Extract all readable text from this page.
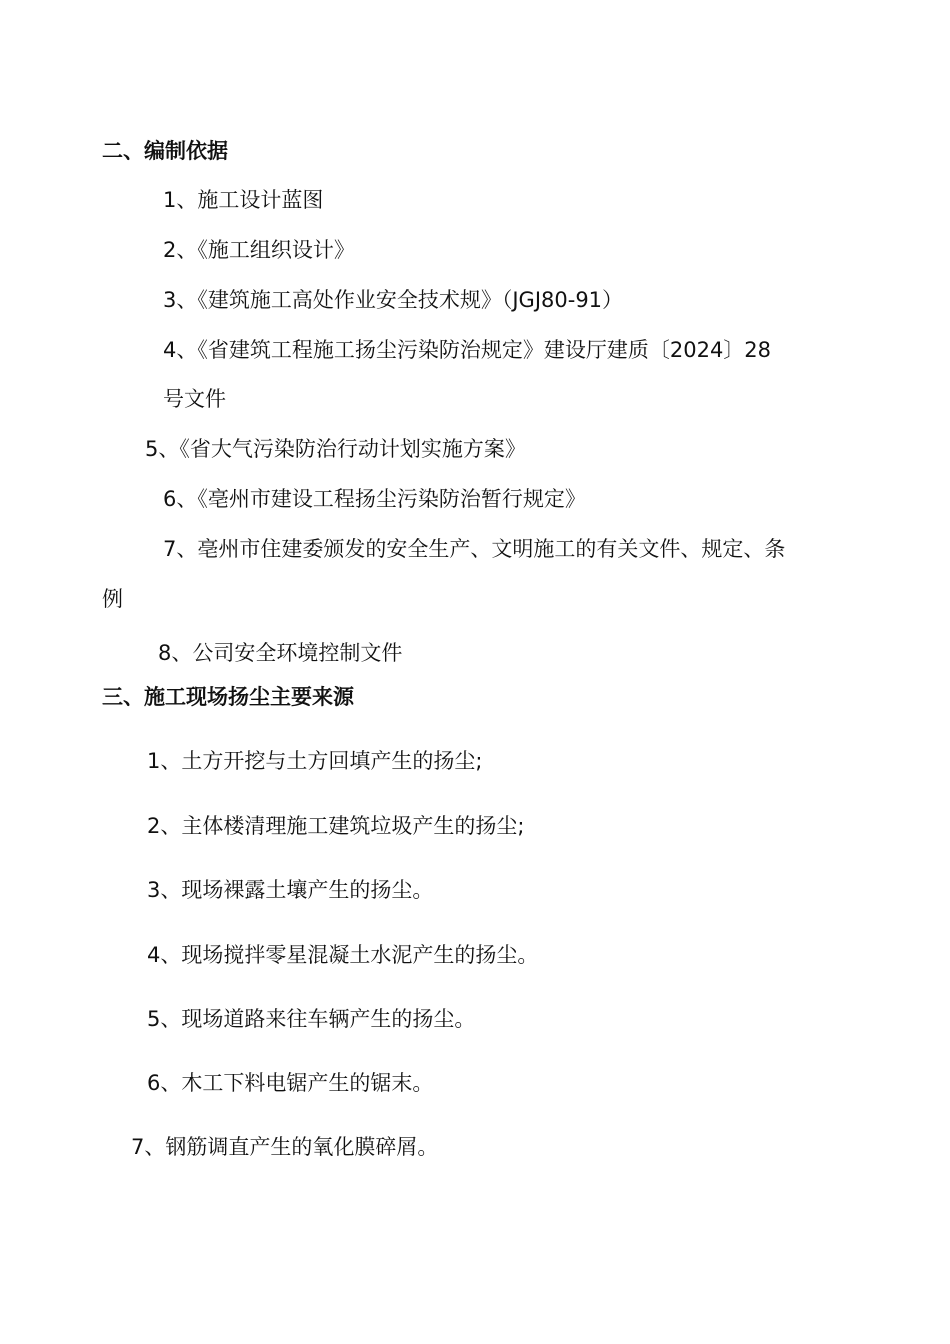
二、编制依据
1、施工设计蓝图
2、《施工组织设计》
3、《建筑施工高处作业安全技术规》（JGJ80-91）
4、《省建筑工程施工扬尘污染防治规定》建设厅建质〔2024〕28
号文件
5、《省大气污染防治行动计划实施方案》
6、《亳州市建设工程扬尘污染防治暂行规定》
7、亳州市住建委颁发的安全生产、文明施工的有关文件、规定、条
例
8、公司安全环境控制文件
三、施工现场扬尘主要来源
1、土方开挖与土方回填产生的扬尘;
2、主体楼清理施工建筑垃圾产生的扬尘;
3、现场裸露土壤产生的扬尘。
4、现场搅拌零星混凝土水泥产生的扬尘。
5、现场道路来往车辆产生的扬尘。
6、木工下料电锯产生的锯末。
7、钢筋调直产生的氧化膜碎屑。
